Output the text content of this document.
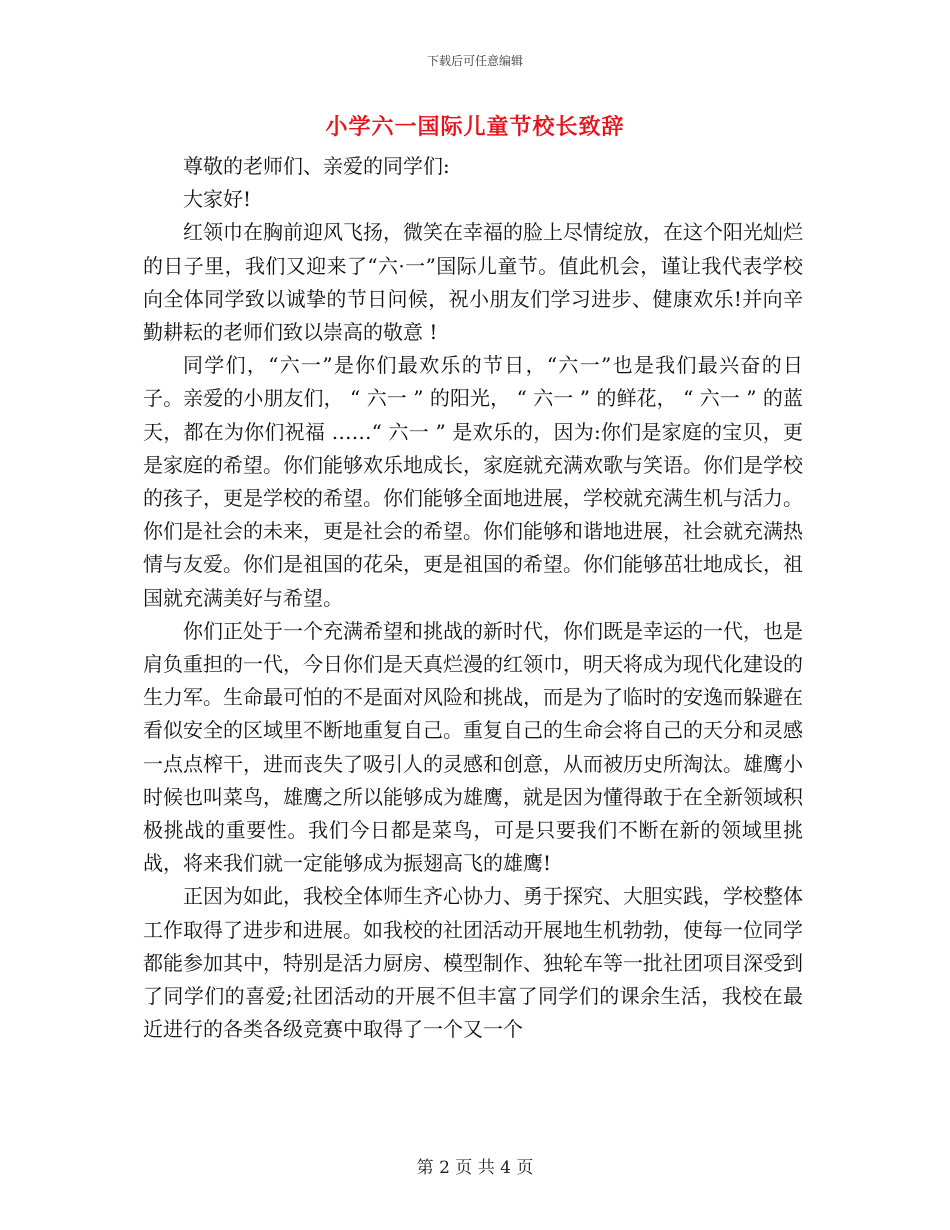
下载后可任意编辑
小学六一国际儿童节校长致辞

尊敬的老师们、亲爱的同学们:

大家好!

红领巾在胸前迎风飞扬，微笑在幸福的脸上尽情绽放，在这个阳光灿烂的日子里，我们又迎来了“六·一”国际儿童节。值此机会，谨让我代表学校向全体同学致以诚挚的节日问候，祝小朋友们学习进步、健康欢乐!并向辛勤耕耘的老师们致以崇高的敬意 !

同学们，“六一”是你们最欢乐的节日，“六一”也是我们最兴奋的日子。亲爱的小朋友们， “ 六一 ” 的阳光， “ 六一 ” 的鲜花， “ 六一 ” 的蓝天，都在为你们祝福 ……“ 六一 ” 是欢乐的，因为:你们是家庭的宝贝，更是家庭的希望。你们能够欢乐地成长，家庭就充满欢歌与笑语。你们是学校的孩子，更是学校的希望。你们能够全面地进展，学校就充满生机与活力。你们是社会的未来，更是社会的希望。你们能够和谐地进展，社会就充满热情与友爱。你们是祖国的花朵，更是祖国的希望。你们能够茁壮地成长，祖国就充满美好与希望。

你们正处于一个充满希望和挑战的新时代，你们既是幸运的一代，也是肩负重担的一代，今日你们是天真烂漫的红领巾，明天将成为现代化建设的生力军。生命最可怕的不是面对风险和挑战，而是为了临时的安逸而躲避在看似安全的区域里不断地重复自己。重复自己的生命会将自己的天分和灵感一点点榨干，进而丧失了吸引人的灵感和创意，从而被历史所淘汰。雄鹰小时候也叫菜鸟，雄鹰之所以能够成为雄鹰，就是因为懂得敢于在全新领域积极挑战的重要性。我们今日都是菜鸟，可是只要我们不断在新的领域里挑战，将来我们就一定能够成为振翅高飞的雄鹰!

正因为如此，我校全体师生齐心协力、勇于探究、大胆实践，学校整体工作取得了进步和进展。如我校的社团活动开展地生机勃勃，使每一位同学都能参加其中，特别是活力厨房、模型制作、独轮车等一批社团项目深受到了同学们的喜爱;社团活动的开展不但丰富了同学们的课余生活，我校在最近进行的各类各级竞赛中取得了一个又一个

第 2 页 共 4 页
